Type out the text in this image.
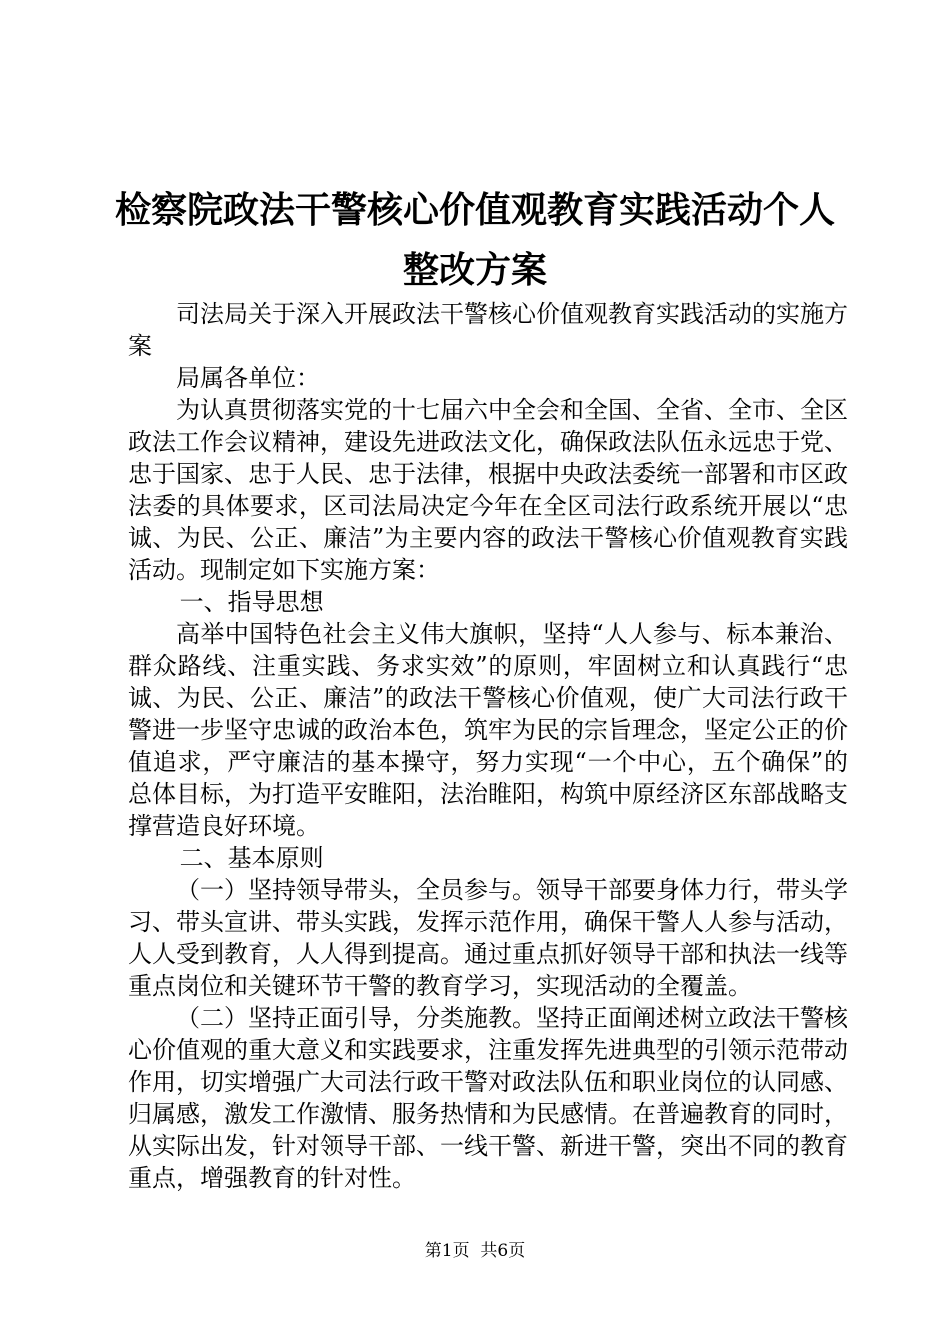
检察院政法干警核心价值观教育实践活动个人
整改方案

司法局关于深入开展政法干警核心价值观教育实践活动的实施方案

局属各单位：

为认真贯彻落实党的十七届六中全会和全国、全省、全市、全区政法工作会议精神，建设先进政法文化，确保政法队伍永远忠于党、忠于国家、忠于人民、忠于法律，根据中央政法委统一部署和市区政法委的具体要求，区司法局决定今年在全区司法行政系统开展以“忠诚、为民、公正、廉洁”为主要内容的政法干警核心价值观教育实践活动。现制定如下实施方案：

一、指导思想

高举中国特色社会主义伟大旗帜，坚持“人人参与、标本兼治、群众路线、注重实践、务求实效”的原则，牢固树立和认真践行“忠诚、为民、公正、廉洁”的政法干警核心价值观，使广大司法行政干警进一步坚守忠诚的政治本色，筑牢为民的宗旨理念，坚定公正的价值追求，严守廉洁的基本操守，努力实现“一个中心，五个确保”的总体目标，为打造平安睢阳，法治睢阳，构筑中原经济区东部战略支撑营造良好环境。

二、基本原则

（一）坚持领导带头，全员参与。领导干部要身体力行，带头学习、带头宣讲、带头实践，发挥示范作用，确保干警人人参与活动，人人受到教育，人人得到提高。通过重点抓好领导干部和执法一线等重点岗位和关键环节干警的教育学习，实现活动的全覆盖。

（二）坚持正面引导，分类施教。坚持正面阐述树立政法干警核心价值观的重大意义和实践要求，注重发挥先进典型的引领示范带动作用，切实增强广大司法行政干警对政法队伍和职业岗位的认同感、归属感，激发工作激情、服务热情和为民感情。在普遍教育的同时，从实际出发，针对领导干部、一线干警、新进干警，突出不同的教育重点，增强教育的针对性。

第1页  共6页
